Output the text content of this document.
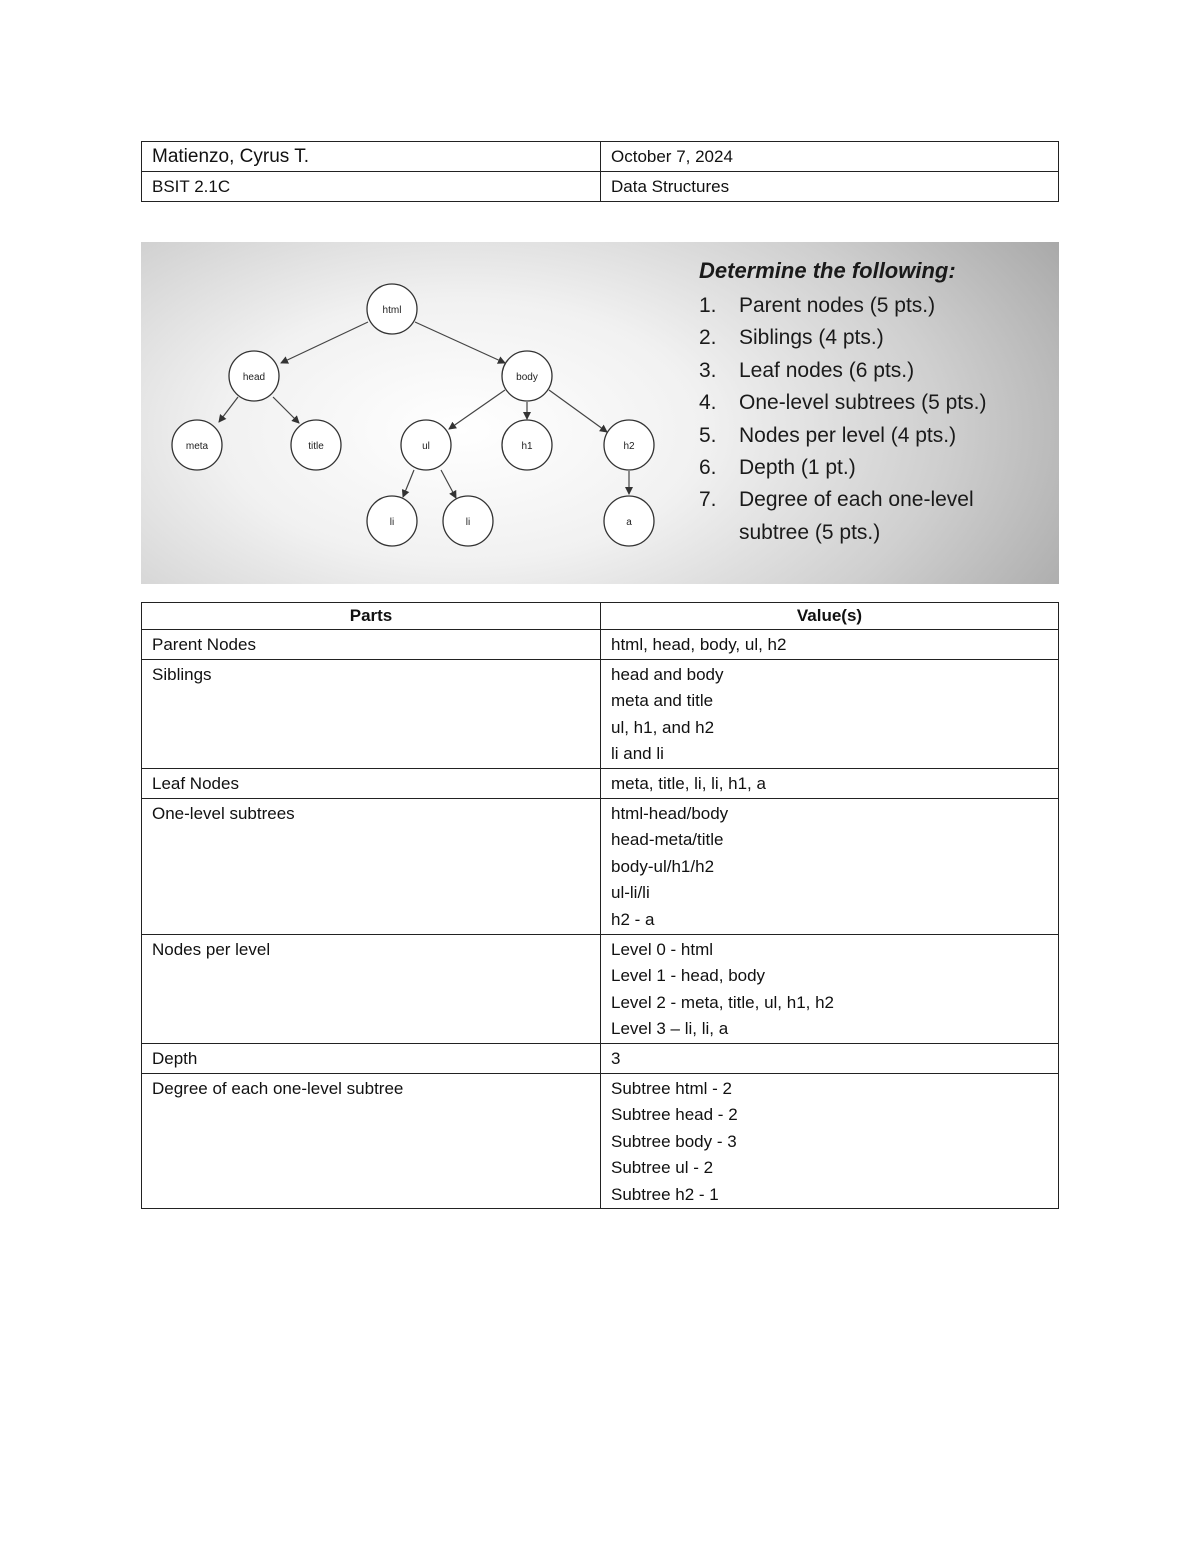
Matienzo, Cyrus T.	October 7, 2024
BSIT 2.1C	Data Structures
html
head	body
meta	title	ul	h1	h2
li	li	a
Determine the following:
1.	Parent nodes (5 pts.)
2.	Siblings (4 pts.)
3.	Leaf nodes (6 pts.)
4.	One-level subtrees (5 pts.)
5.	Nodes per level (4 pts.)
6.	Depth (1 pt.)
7.	Degree of each one-level subtree (5 pts.)
Parts	Value(s)

Parent Nodes	html, head, body, ul, h2

Siblings	head and body
meta and title
ul, h1, and h2
li and li

Leaf Nodes	meta, title, li, li, h1, a

One-level subtrees	html-head/body
head-meta/title
body-ul/h1/h2
ul-li/li
h2 - a

Nodes per level	Level 0 - html
Level 1 - head, body
Level 2 - meta, title, ul, h1, h2
Level 3 – li, li, a

Depth	3

Degree of each one-level subtree	Subtree html - 2
Subtree head - 2
Subtree body - 3
Subtree ul - 2
Subtree h2 - 1
